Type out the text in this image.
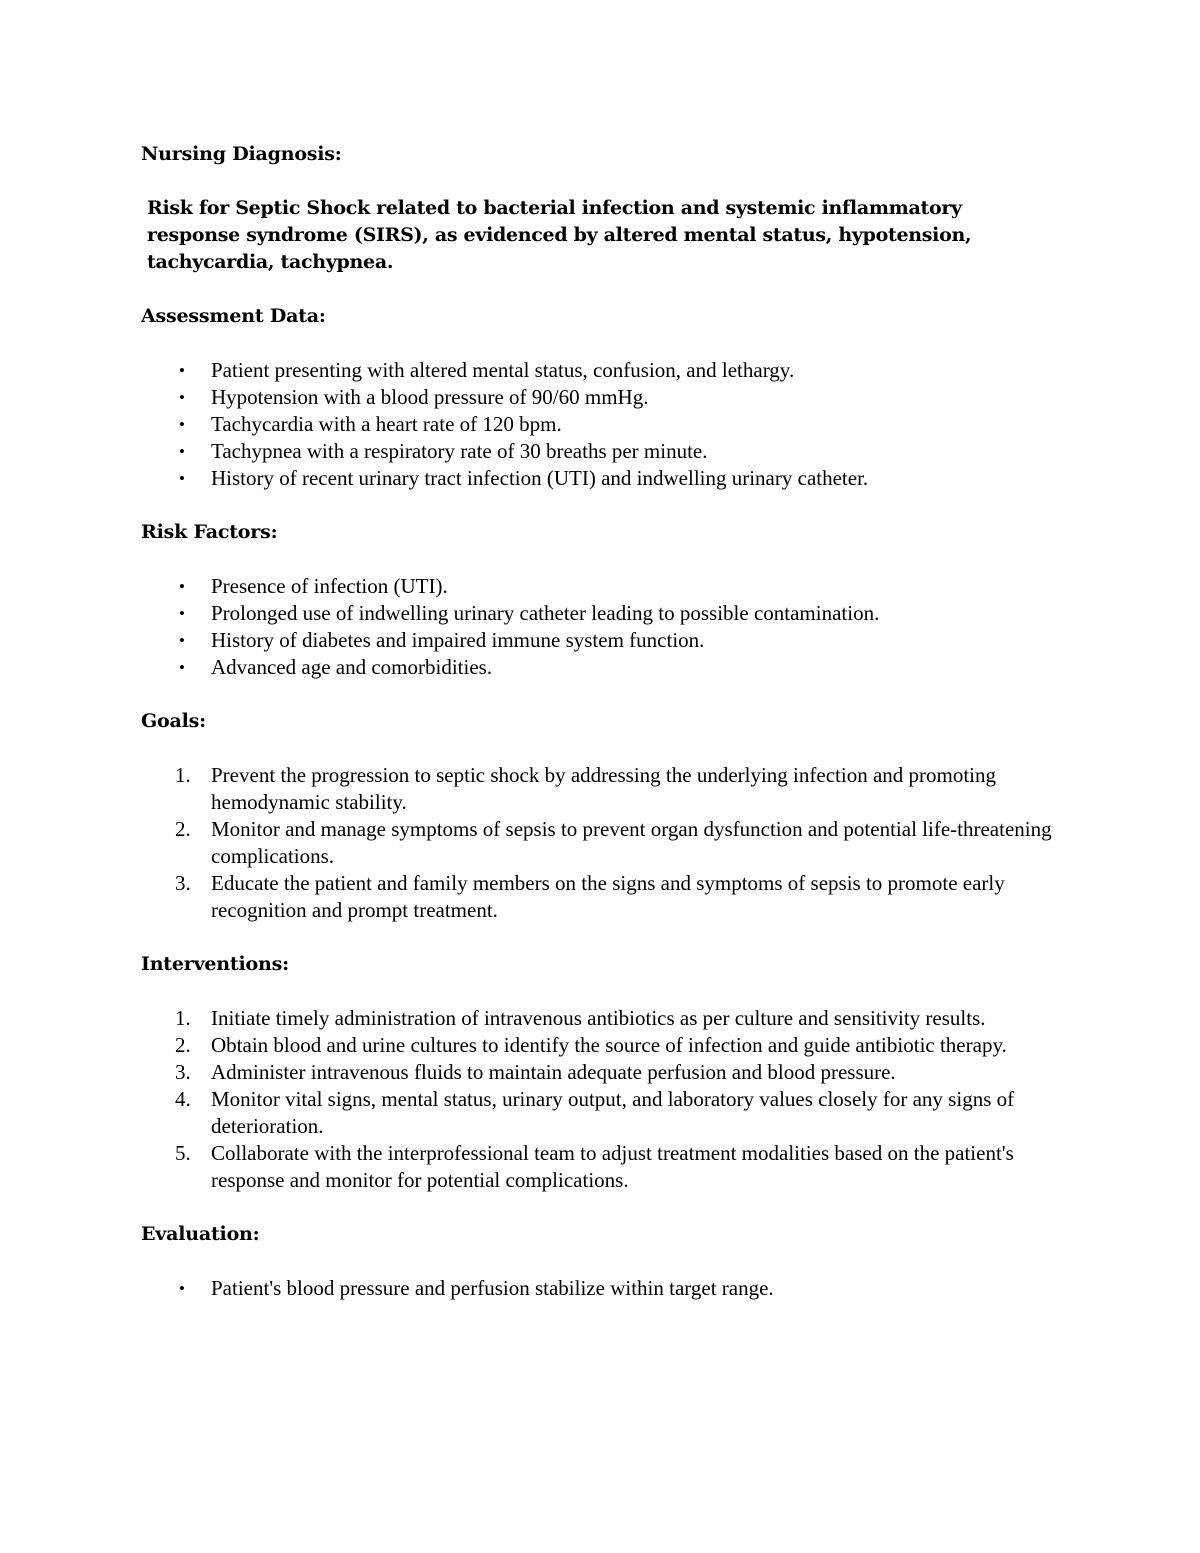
Nursing Diagnosis:

Risk for Septic Shock related to bacterial infection and systemic inflammatory response syndrome (SIRS), as evidenced by altered mental status, hypotension, tachycardia, tachypnea.

Assessment Data:

•	Patient presenting with altered mental status, confusion, and lethargy.
•	Hypotension with a blood pressure of 90/60 mmHg.
•	Tachycardia with a heart rate of 120 bpm.
•	Tachypnea with a respiratory rate of 30 breaths per minute.
•	History of recent urinary tract infection (UTI) and indwelling urinary catheter.

Risk Factors:

•	Presence of infection (UTI).
•	Prolonged use of indwelling urinary catheter leading to possible contamination.
•	History of diabetes and impaired immune system function.
•	Advanced age and comorbidities.

Goals:

1. Prevent the progression to septic shock by addressing the underlying infection and promoting hemodynamic stability.
2. Monitor and manage symptoms of sepsis to prevent organ dysfunction and potential life-threatening complications.
3. Educate the patient and family members on the signs and symptoms of sepsis to promote early recognition and prompt treatment.

Interventions:

1. Initiate timely administration of intravenous antibiotics as per culture and sensitivity results.
2. Obtain blood and urine cultures to identify the source of infection and guide antibiotic therapy.
3. Administer intravenous fluids to maintain adequate perfusion and blood pressure.
4. Monitor vital signs, mental status, urinary output, and laboratory values closely for any signs of deterioration.
5. Collaborate with the interprofessional team to adjust treatment modalities based on the patient's response and monitor for potential complications.

Evaluation:

•	Patient's blood pressure and perfusion stabilize within target range.
